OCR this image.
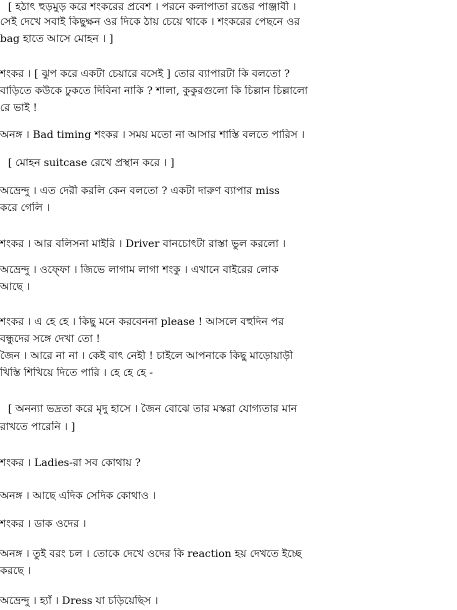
[ হঠাৎ হুড়মুড় করে শংকরের প্রবেশ । পরনে কলাপাতা রঙের পাঞ্জাবী ।
সেই দেখে সবাই কিছুক্ষন ওর দিকে ঠায় চেয়ে থাকে । শংকরের পেছনে ওর
bag হাতে আসে মোহন । ]
শংকর । [ ঝুপ করে একটা চেয়ারে বসেই ] তোর ব্যাপারটা কি বলতো ?
বাড়িতে কউকে ঢুকতে দিবিনা নাকি ? শালা, কুকুরগুলো কি চিল্লান চিল্লালো
রে ভাই !
অনঙ্গ । Bad timing শংকর । সময় মতো না আসার শাস্তি বলতে পারিস ।
[ মোহন suitcase রেখে প্রস্থান করে । ]
অভ্রেন্দু । এত দেরী করলি কেন বলতো ? একটা দারুণ ব্যাপার miss
করে গেলি ।
শংকর । আর বলিসনা মাইরি । Driver বানচোৎটা রাস্তা ভুল করলো ।
অভ্রেন্দু । ওফ্ফো । জিভে লাগাম লাগা শংকু । এখানে বাইরের লোক
আছে ।
শংকর । এ হে হে । কিছু মনে করবেননা please ! আসলে বহুদিন পর
বন্ধুদের সঙ্গে দেখা তো !
জৈন । আরে না না । কেই বাৎ নেহী ! চাইলে আপনাকে কিছু মাড়োয়াড়ী
খিস্তি শিখিয়ে দিতে পারি । হে হে হে -
[ অনন্যা ভদ্রতা করে মৃদু হাসে । জৈন বোঝে তার মস্করা যোগ্যতার মান
রাখতে পারেনি । ]
শংকর । Ladies-রা সব কোথায় ?
অনঙ্গ । আছে এদিক সেদিক কোথাও ।
শংকর । ডাক ওদের ।
অনঙ্গ । তুই বরং চল । তোকে দেখে ওদের কি reaction হয় দেখতে ইচ্ছে
করছে ।
অভ্রেন্দু । হ্যাঁ । Dress যা চড়িয়েছিস ।
